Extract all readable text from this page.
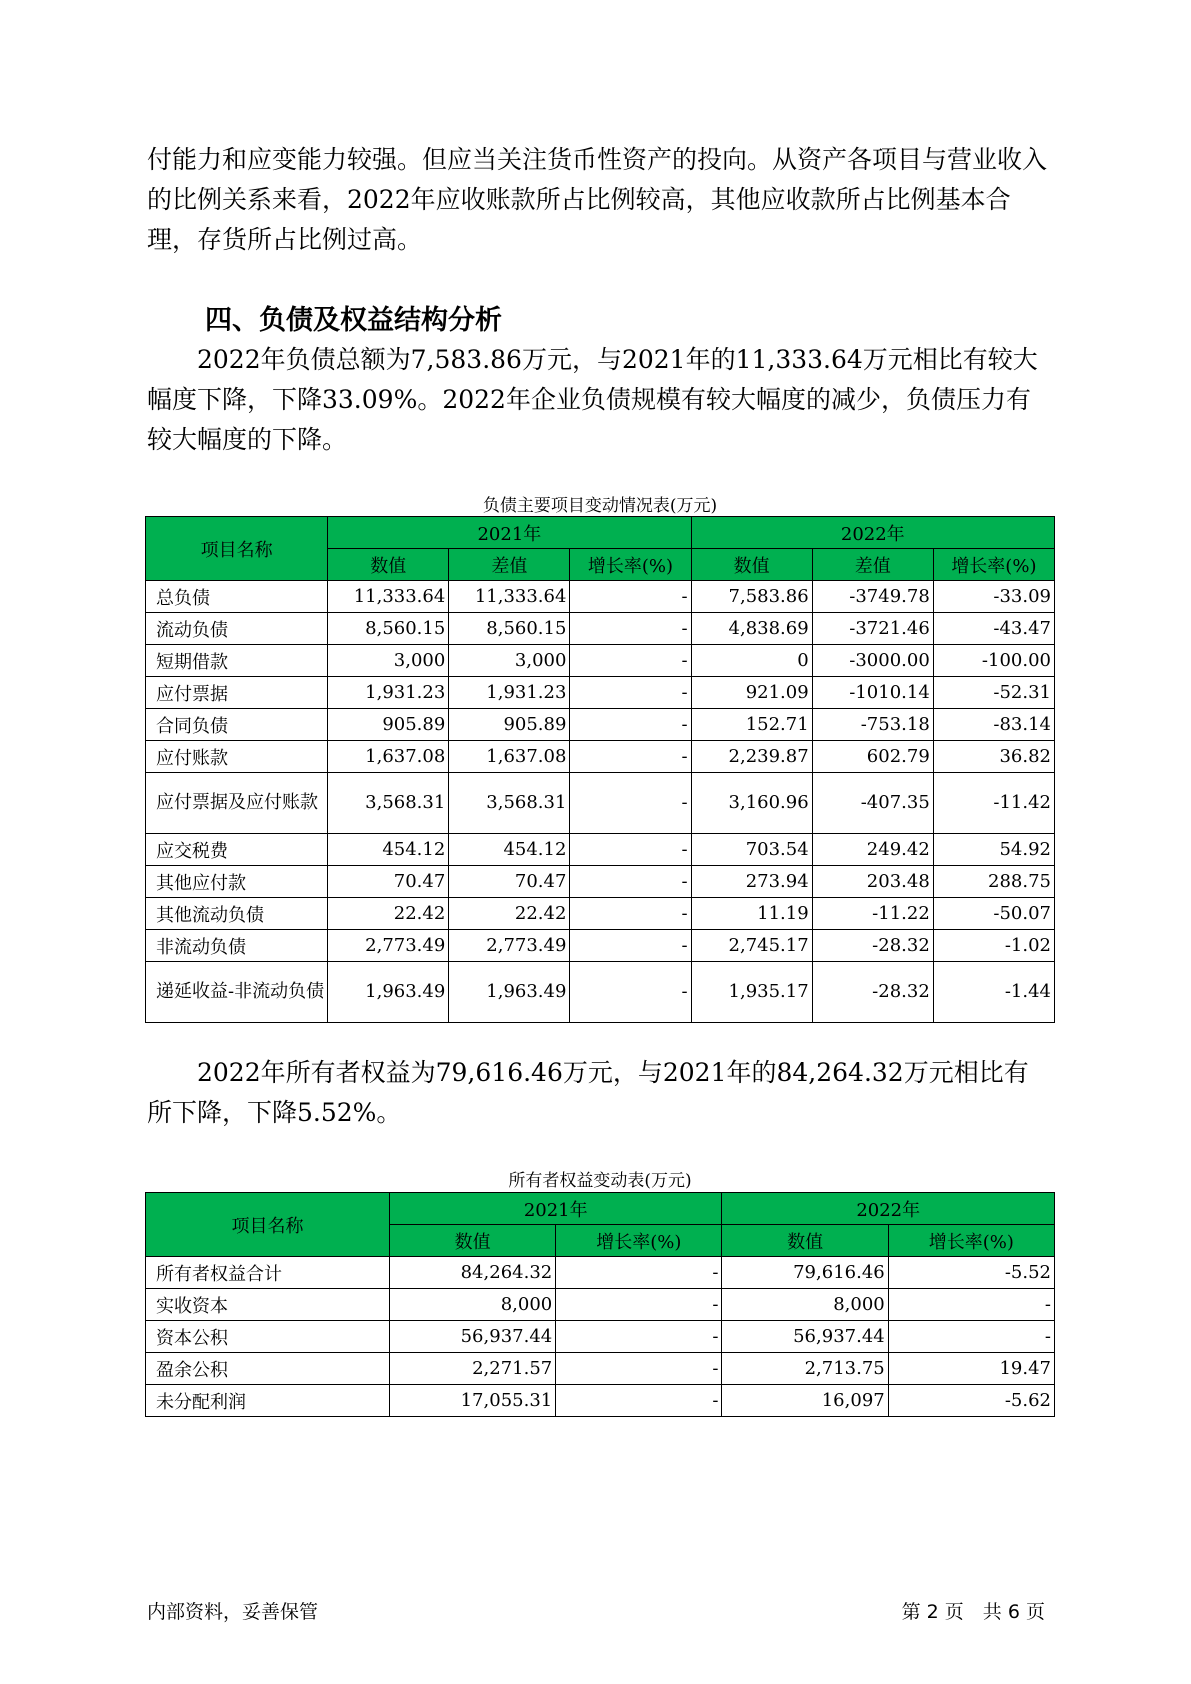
付能力和应变能力较强。但应当关注货币性资产的投向。从资产各项目与营业收入的比例关系来看，2022年应收账款所占比例较高，其他应收款所占比例基本合理，存货所占比例过高。

四、负债及权益结构分析

2022年负债总额为7,583.86万元，与2021年的11,333.64万元相比有较大幅度下降，下降33.09%。2022年企业负债规模有较大幅度的减少，负债压力有较大幅度的下降。

负债主要项目变动情况表(万元)
项目名称	2021年			2022年		
	数值	差值	增长率(%)	数值	差值	增长率(%)
总负债	11,333.64	11,333.64	-	7,583.86	-3749.78	-33.09
流动负债	8,560.15	8,560.15	-	4,838.69	-3721.46	-43.47
短期借款	3,000	3,000	-	0	-3000.00	-100.00
应付票据	1,931.23	1,931.23	-	921.09	-1010.14	-52.31
合同负债	905.89	905.89	-	152.71	-753.18	-83.14
应付账款	1,637.08	1,637.08	-	2,239.87	602.79	36.82
应付票据及应付账款	3,568.31	3,568.31	-	3,160.96	-407.35	-11.42
应交税费	454.12	454.12	-	703.54	249.42	54.92
其他应付款	70.47	70.47	-	273.94	203.48	288.75
其他流动负债	22.42	22.42	-	11.19	-11.22	-50.07
非流动负债	2,773.49	2,773.49	-	2,745.17	-28.32	-1.02
递延收益-非流动负债	1,963.49	1,963.49	-	1,935.17	-28.32	-1.44

2022年所有者权益为79,616.46万元，与2021年的84,264.32万元相比有所下降，下降5.52%。

所有者权益变动表(万元)
项目名称	2021年		2022年	
	数值	增长率(%)	数值	增长率(%)
所有者权益合计	84,264.32	-	79,616.46	-5.52
实收资本	8,000	-	8,000	-
资本公积	56,937.44	-	56,937.44	-
盈余公积	2,271.57	-	2,713.75	19.47
未分配利润	17,055.31	-	16,097	-5.62
内部资料，妥善保管	第 2 页　共 6 页
